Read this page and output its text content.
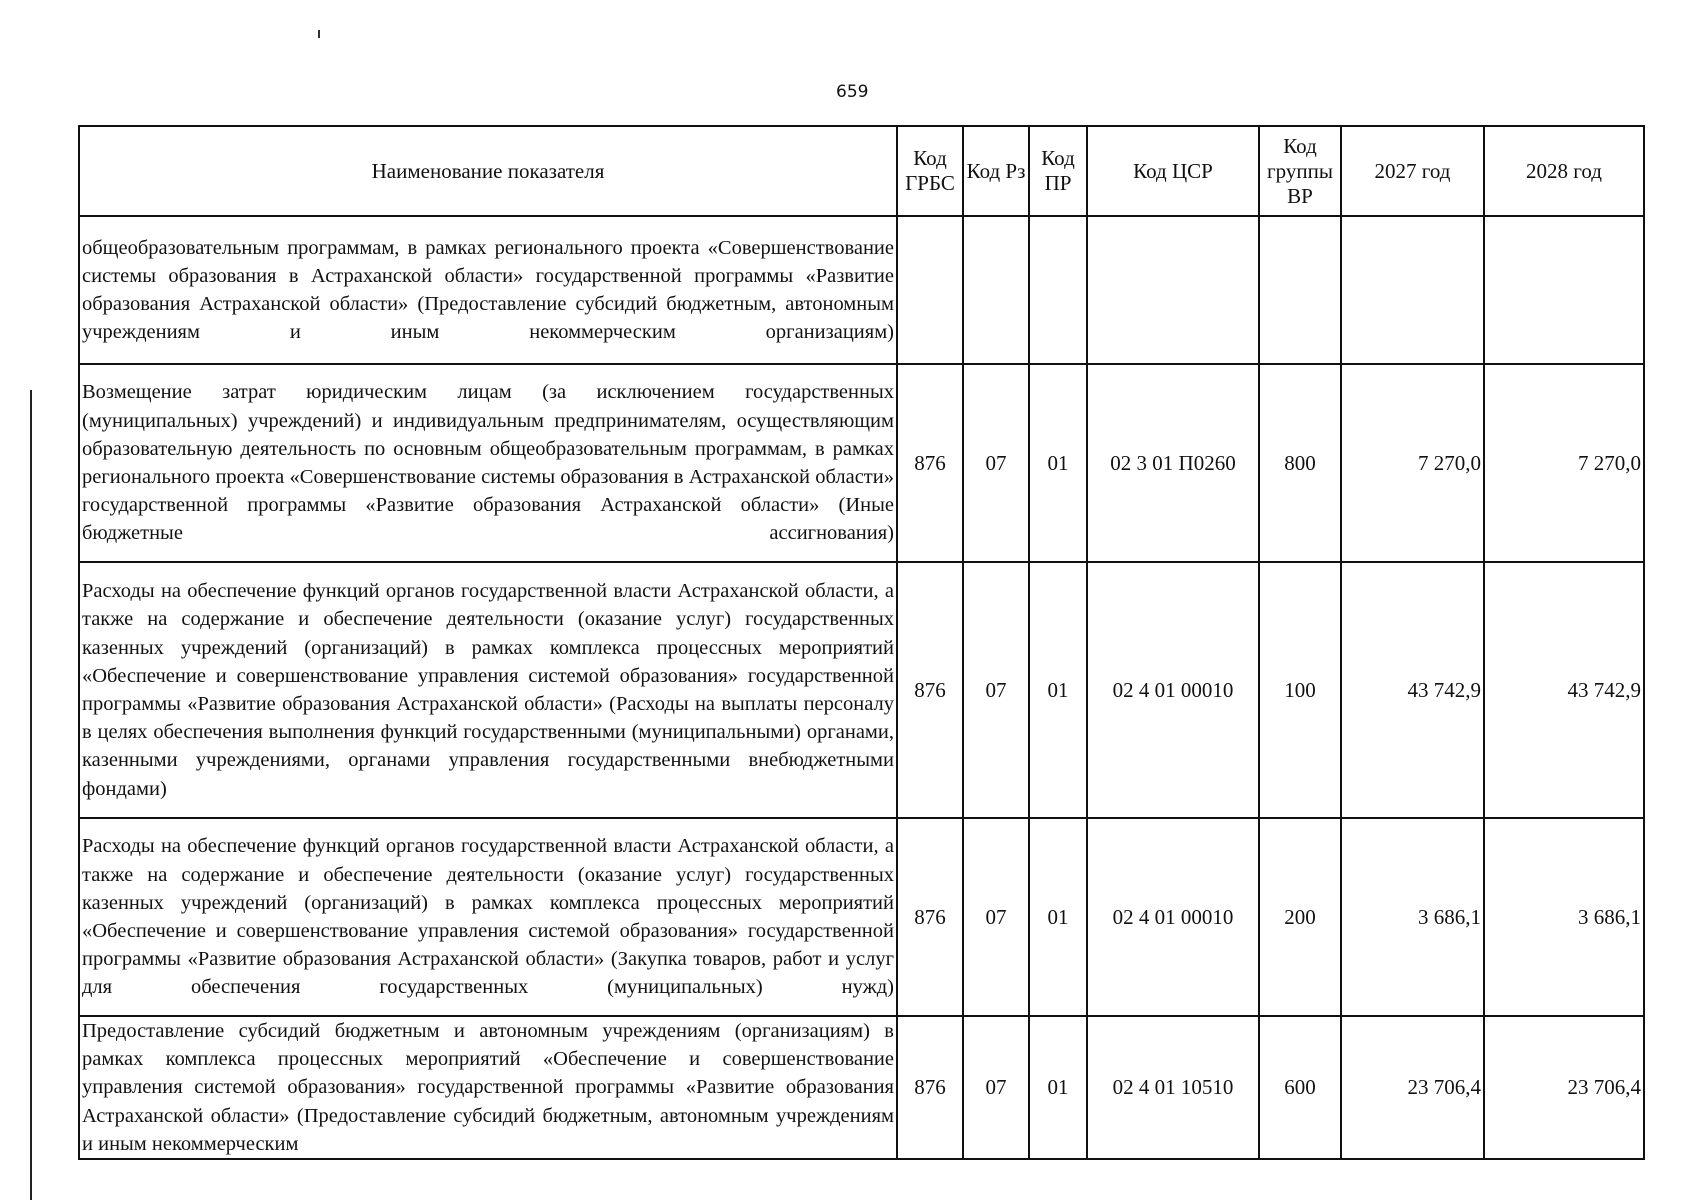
659
Наименование показателя	Код ГРБС	Код Рз	Код ПР	Код ЦСР	Код группы ВР	2027 год	2028 год
общеобразовательным программам, в рамках регионального проекта «Совершенствование системы образования в Астраханской области» государственной программы «Развитие образования Астраханской области» (Предоставление субсидий бюджетным, автономным учреждениям и иным некоммерческим организациям)							
Возмещение затрат юридическим лицам (за исключением государственных (муниципальных) учреждений) и индивидуальным предпринимателям, осуществляющим образовательную деятельность по основным общеобразовательным программам, в рамках регионального проекта «Совершенствование системы образования в Астраханской области» государственной программы «Развитие образования Астраханской области» (Иные бюджетные ассигнования)	876	07	01	02 3 01 П0260	800	7 270,0	7 270,0
Расходы на обеспечение функций органов государственной власти Астраханской области, а также на содержание и обеспечение деятельности (оказание услуг) государственных казенных учреждений (организаций) в рамках комплекса процессных мероприятий «Обеспечение и совершенствование управления системой образования» государственной программы «Развитие образования Астраханской области» (Расходы на выплаты персоналу в целях обеспечения выполнения функций государственными (муниципальными) органами, казенными учреждениями, органами управления государственными внебюджетными фондами)	876	07	01	02 4 01 00010	100	43 742,9	43 742,9
Расходы на обеспечение функций органов государственной власти Астраханской области, а также на содержание и обеспечение деятельности (оказание услуг) государственных казенных учреждений (организаций) в рамках комплекса процессных мероприятий «Обеспечение и совершенствование управления системой образования» государственной программы «Развитие образования Астраханской области» (Закупка товаров, работ и услуг для обеспечения государственных (муниципальных) нужд)	876	07	01	02 4 01 00010	200	3 686,1	3 686,1
Предоставление субсидий бюджетным и автономным учреждениям (организациям) в рамках комплекса процессных мероприятий «Обеспечение и совершенствование управления системой образования» государственной программы «Развитие образования Астраханской области» (Предоставление субсидий бюджетным, автономным учреждениям и иным некоммерческим	876	07	01	02 4 01 10510	600	23 706,4	23 706,4
